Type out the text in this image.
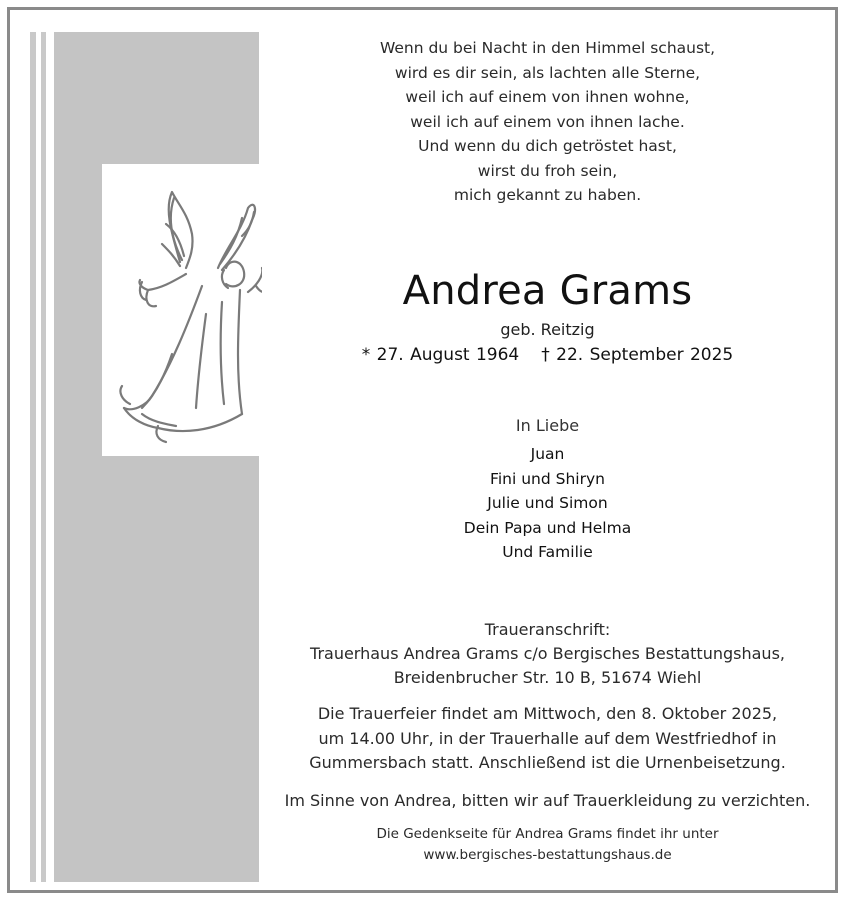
Wenn du bei Nacht in den Himmel schaust,
wird es dir sein, als lachten alle Sterne,
weil ich auf einem von ihnen wohne,
weil ich auf einem von ihnen lache.
Und wenn du dich getröstet hast,
wirst du froh sein,
mich gekannt zu haben.
Andrea Grams
geb. Reitzig
* 27. August 1964 † 22. September 2025
In Liebe
Juan
Fini und Shiryn
Julie und Simon
Dein Papa und Helma
Und Familie
Traueranschrift:
Trauerhaus Andrea Grams c/o Bergisches Bestattungshaus,
Breidenbrucher Str. 10 B, 51674 Wiehl
Die Trauerfeier findet am Mittwoch, den 8. Oktober 2025,
um 14.00 Uhr, in der Trauerhalle auf dem Westfriedhof in
Gummersbach statt. Anschließend ist die Urnenbeisetzung.
Im Sinne von Andrea, bitten wir auf Trauerkleidung zu verzichten.
Die Gedenkseite für Andrea Grams findet ihr unter
www.bergisches-bestattungshaus.de
